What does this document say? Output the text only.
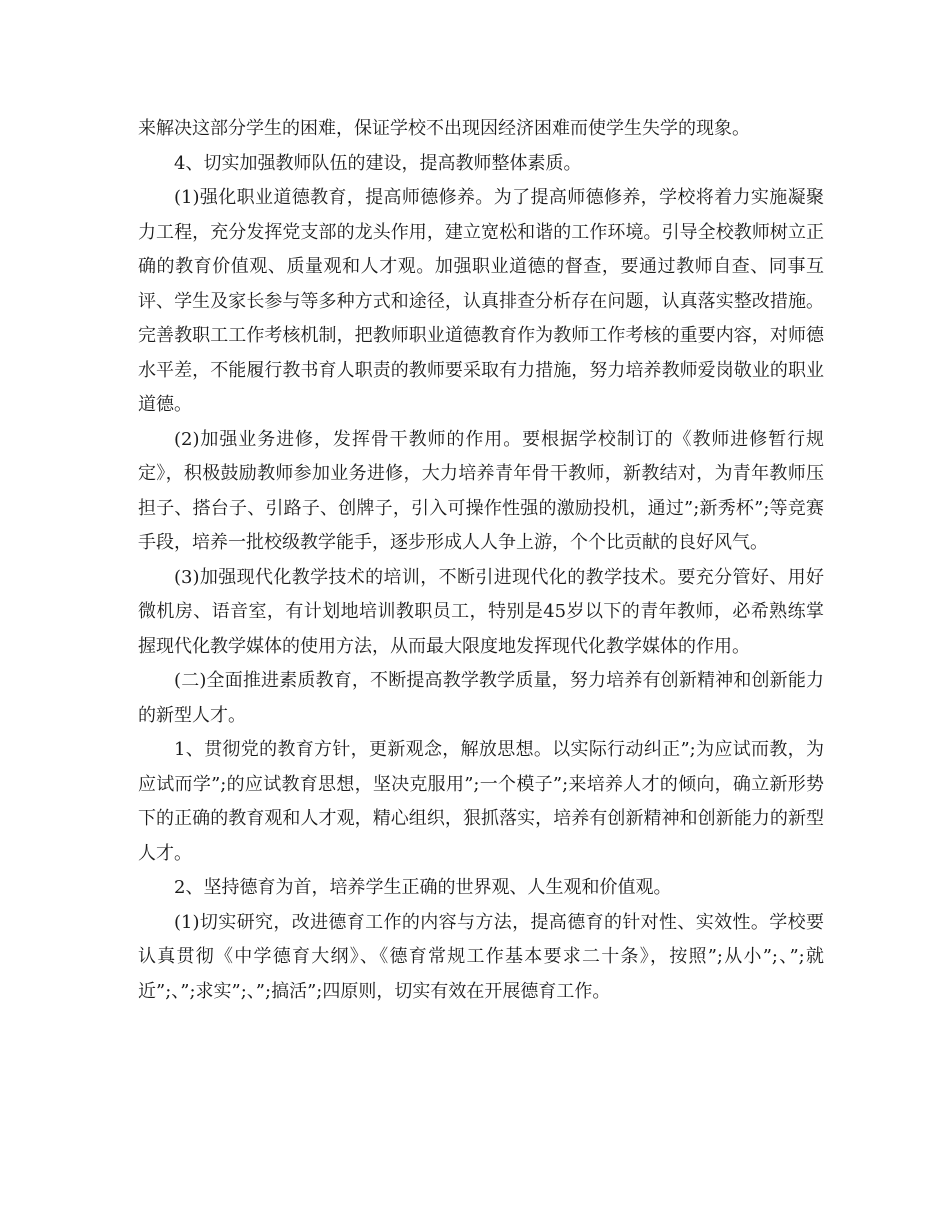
来解决这部分学生的困难，保证学校不出现因经济困难而使学生失学的现象。

4、切实加强教师队伍的建设，提高教师整体素质。

(1)强化职业道德教育，提高师德修养。为了提高师德修养，学校将着力实施凝聚力工程，充分发挥党支部的龙头作用，建立宽松和谐的工作环境。引导全校教师树立正确的教育价值观、质量观和人才观。加强职业道德的督查，要通过教师自查、同事互评、学生及家长参与等多种方式和途径，认真排查分析存在问题，认真落实整改措施。完善教职工工作考核机制，把教师职业道德教育作为教师工作考核的重要内容，对师德水平差，不能履行教书育人职责的教师要采取有力措施，努力培养教师爱岗敬业的职业道德。

(2)加强业务进修，发挥骨干教师的作用。要根据学校制订的《教师进修暂行规定》，积极鼓励教师参加业务进修，大力培养青年骨干教师，新教结对，为青年教师压担子、搭台子、引路子、创牌子，引入可操作性强的激励投机，通过”;新秀杯”;等竞赛手段，培养一批校级教学能手，逐步形成人人争上游，个个比贡献的良好风气。

(3)加强现代化教学技术的培训，不断引进现代化的教学技术。要充分管好、用好微机房、语音室，有计划地培训教职员工，特别是45岁以下的青年教师，必希熟练掌握现代化教学媒体的使用方法，从而最大限度地发挥现代化教学媒体的作用。

(二)全面推进素质教育，不断提高教学教学质量，努力培养有创新精神和创新能力的新型人才。

1、贯彻党的教育方针，更新观念，解放思想。以实际行动纠正”;为应试而教，为应试而学”;的应试教育思想，坚决克服用”;一个模子”;来培养人才的倾向，确立新形势下的正确的教育观和人才观，精心组织，狠抓落实，培养有创新精神和创新能力的新型人才。

2、坚持德育为首，培养学生正确的世界观、人生观和价值观。

(1)切实研究，改进德育工作的内容与方法，提高德育的针对性、实效性。学校要认真贯彻《中学德育大纲》、《德育常规工作基本要求二十条》，按照”;从小”;、”;就近”;、”;求实”;、”;搞活”;四原则，切实有效在开展德育工作。
